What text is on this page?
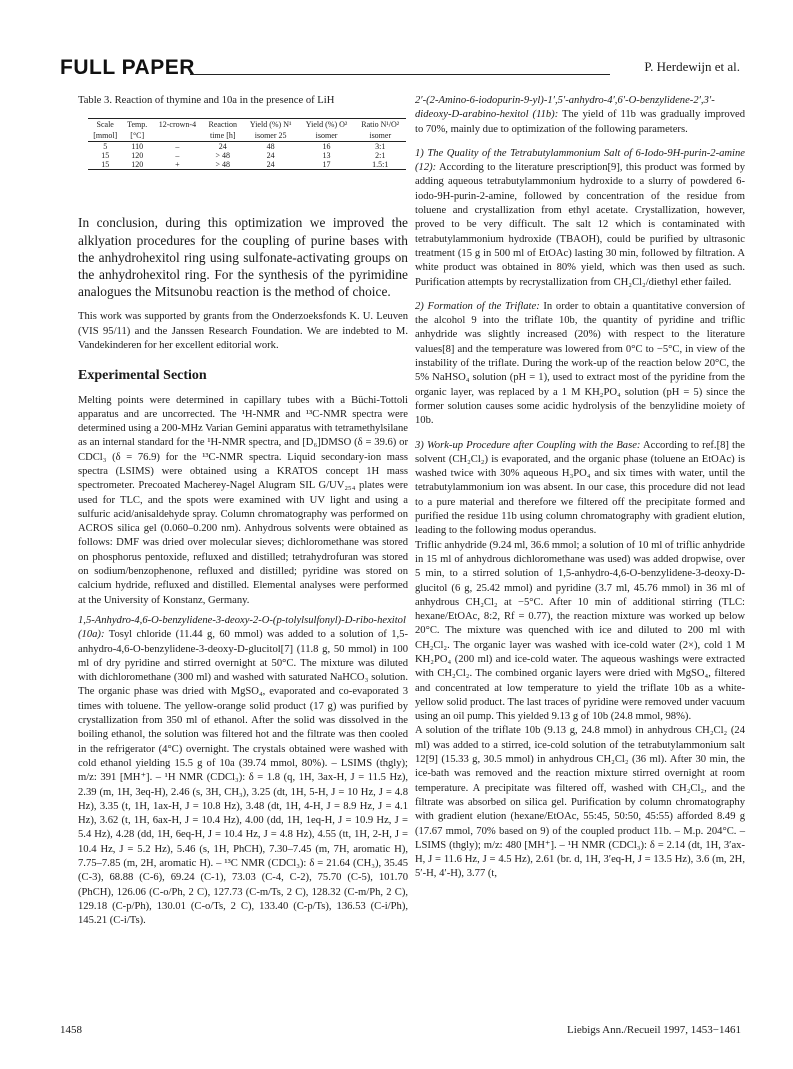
FULL PAPER	P. Herdewijn et al.
Table 3. Reaction of thymine and 10a in the presence of LiH
Scale	Temp.	12-crown-4	Reaction	Yield (%) N¹	Yield (%) O²	Ratio N¹/O²
[mmol]	[°C]		time [h]	isomer 25	isomer	isomer
5	110	–	24	48	16	3:1
15	120	–	> 48	24	13	2:1
15	120	+	> 48	24	17	1.5:1

In conclusion, during this optimization we improved the alklyation procedures for the coupling of purine bases with the anhydrohexitol ring using sulfonate-activating groups on the anhydrohexitol ring. For the synthesis of the pyrimidine analogues the Mitsunobu reaction is the method of choice.

This work was supported by grants from the Onderzoeksfonds K. U. Leuven (VIS 95/11) and the Janssen Research Foundation. We are indebted to M. Vandekinderen for her excellent editorial work.

Experimental Section

Melting points were determined in capillary tubes with a Büchi-Tottoli apparatus and are uncorrected. The ¹H-NMR and ¹³C-NMR spectra were determined using a 200-MHz Varian Gemini apparatus with tetramethylsilane as an internal standard for the ¹H-NMR spectra, and [D₆]DMSO (δ = 39.6) or CDCl₃ (δ = 76.9) for the ¹³C-NMR spectra. Liquid secondary-ion mass spectra (LSIMS) were obtained using a KRATOS concept 1H mass spectrometer. Precoated Macherey-Nagel Alugram SIL G/UV₂₅₄ plates were used for TLC, and the spots were examined with UV light and using a sulfuric acid/anisaldehyde spray. Column chromatography was performed on ACROS silica gel (0.060–0.200 nm). Anhydrous solvents were obtained as follows: DMF was dried over molecular sieves; dichloromethane was stored on phosphorus pentoxide, refluxed and distilled; tetrahydrofuran was stored on sodium/benzophenone, refluxed and distilled; pyridine was stored on calcium hydride, refluxed and distilled. Elemental analyses were performed at the University of Konstanz, Germany.

1,5-Anhydro-4,6-O-benzylidene-3-deoxy-2-O-(p-tolylsulfonyl)-D-ribo-hexitol (10a): Tosyl chloride (11.44 g, 60 mmol) was added to a solution of 1,5-anhydro-4,6-O-benzylidene-3-deoxy-D-glucitol[7] (11.8 g, 50 mmol) in 100 ml of dry pyridine and stirred overnight at 50°C. The mixture was diluted with dichloromethane (300 ml) and washed with saturated NaHCO₃ solution. The organic phase was dried with MgSO₄, evaporated and co-evaporated 3 times with toluene. The yellow-orange solid product (17 g) was purified by crystallization from 350 ml of ethanol. After the solid was dissolved in the boiling ethanol, the solution was filtered hot and the filtrate was then cooled in the refrigerator (4°C) overnight. The crystals obtained were washed with cold ethanol yielding 15.5 g of 10a (39.74 mmol, 80%). – LSIMS (thgly); m/z: 391 [MH⁺]. – ¹H NMR (CDCl₃): δ = 1.8 (q, 1H, 3ax-H, J = 11.5 Hz), 2.39 (m, 1H, 3eq-H), 2.46 (s, 3H, CH₃), 3.25 (dt, 1H, 5-H, J = 10 Hz, J = 4.8 Hz), 3.35 (t, 1H, 1ax-H, J = 10.8 Hz), 3.48 (dt, 1H, 4-H, J = 8.9 Hz, J = 4.1 Hz), 3.62 (t, 1H, 6ax-H, J = 10.4 Hz), 4.00 (dd, 1H, 1eq-H, J = 10.9 Hz, J = 5.4 Hz), 4.28 (dd, 1H, 6eq-H, J = 10.4 Hz, J = 4.8 Hz), 4.55 (tt, 1H, 2-H, J = 10.4 Hz, J = 5.2 Hz), 5.46 (s, 1H, PhCH), 7.30–7.45 (m, 7H, aromatic H), 7.75–7.85 (m, 2H, aromatic H). – ¹³C NMR (CDCl₃): δ = 21.64 (CH₃), 35.45 (C-3), 68.88 (C-6), 69.24 (C-1), 73.03 (C-4, C-2), 75.70 (C-5), 101.70 (PhCH), 126.06 (C-o/Ph, 2 C), 127.73 (C-m/Ts, 2 C), 128.32 (C-m/Ph, 2 C), 129.18 (C-p/Ph), 130.01 (C-o/Ts, 2 C), 133.40 (C-p/Ts), 136.53 (C-i/Ph), 145.21 (C-i/Ts).

2′-(2-Amino-6-iodopurin-9-yl)-1′,5′-anhydro-4′,6′-O-benzylidene-2′,3′-dideoxy-D-arabino-hexitol (11b): The yield of 11b was gradually improved to 70%, mainly due to optimization of the following parameters.

1) The Quality of the Tetrabutylammonium Salt of 6-Iodo-9H-purin-2-amine (12): According to the literature prescription[9], this product was formed by adding aqueous tetrabutylammonium hydroxide to a slurry of powdered 6-iodo-9H-purin-2-amine, followed by concentration of the residue from toluene and crystallization from ethyl acetate. Crystallization, however, proved to be very difficult. The salt 12 which is contaminated with tetrabutylammonium hydroxide (TBAOH), could be purified by ultrasonic treatment (15 g in 500 ml of EtOAc) lasting 30 min, followed by filtration. A white product was obtained in 80% yield, which was then used as such. Purification attempts by recrystallization from CH₂Cl₂/diethyl ether failed.

2) Formation of the Triflate: In order to obtain a quantitative conversion of the alcohol 9 into the triflate 10b, the quantity of pyridine and triflic anhydride was slightly increased (20%) with respect to the literature values[8] and the temperature was lowered from 0°C to −5°C, in view of the instability of the triflate. During the work-up of the reaction below 20°C, the 5% NaHSO₄ solution (pH = 1), used to extract most of the pyridine from the organic layer, was replaced by a 1 M KH₂PO₄ solution (pH = 5) since the former solution causes some acidic hydrolysis of the benzylidine moiety of 10b.

3) Work-up Procedure after Coupling with the Base: According to ref.[8] the solvent (CH₂Cl₂) is evaporated, and the organic phase (toluene an EtOAc) is washed twice with 30% aqueous H₃PO₄ and six times with water, until the tetrabutylammonium ion was absent. In our case, this procedure did not lead to a pure material and therefore we filtered off the precipitate formed and purified the residue 11b using column chromatography with gradient elution, leading to the following modus operandus.

Triflic anhydride (9.24 ml, 36.6 mmol; a solution of 10 ml of triflic anhydride in 15 ml of anhydrous dichloromethane was used) was added dropwise, over 5 min, to a stirred solution of 1,5-anhydro-4,6-O-benzylidene-3-deoxy-D-glucitol (6 g, 25.42 mmol) and pyridine (3.7 ml, 45.76 mmol) in 36 ml of anhydrous CH₂Cl₂ at −5°C. After 10 min of additional stirring (TLC: hexane/EtOAc, 8:2, Rf = 0.77), the reaction mixture was worked up below 20°C. The mixture was quenched with ice and diluted to 200 ml with CH₂Cl₂. The organic layer was washed with ice-cold water (2×), cold 1 M KH₂PO₄ (200 ml) and ice-cold water. The aqueous washings were extracted with CH₂Cl₂. The combined organic layers were dried with MgSO₄, filtered and concentrated at low temperature to yield the triflate 10b as a white-yellow solid product. The last traces of pyridine were removed under vacuum using an oil pump. This yielded 9.13 g of 10b (24.8 mmol, 98%).

A solution of the triflate 10b (9.13 g, 24.8 mmol) in anhydrous CH₂Cl₂ (24 ml) was added to a stirred, ice-cold solution of the tetrabutylammonium salt 12[9] (15.33 g, 30.5 mmol) in anhydrous CH₂Cl₂ (36 ml). After 30 min, the ice-bath was removed and the reaction mixture stirred overnight at room temperature. A precipitate was filtered off, washed with CH₂Cl₂, and the filtrate was absorbed on silica gel. Purification by column chromatography with gradient elution (hexane/EtOAc, 55:45, 50:50, 45:55) afforded 8.49 g (17.67 mmol, 70% based on 9) of the coupled product 11b. – M.p. 204°C. – LSIMS (thgly); m/z: 480 [MH⁺]. – ¹H NMR (CDCl₃): δ = 2.14 (dt, 1H, 3′ax-H, J = 11.6 Hz, J = 4.5 Hz), 2.61 (br. d, 1H, 3′eq-H, J = 13.5 Hz), 3.6 (m, 2H, 5′-H, 4′-H), 3.77 (t,

1458	Liebigs Ann./Recueil 1997, 1453−1461
